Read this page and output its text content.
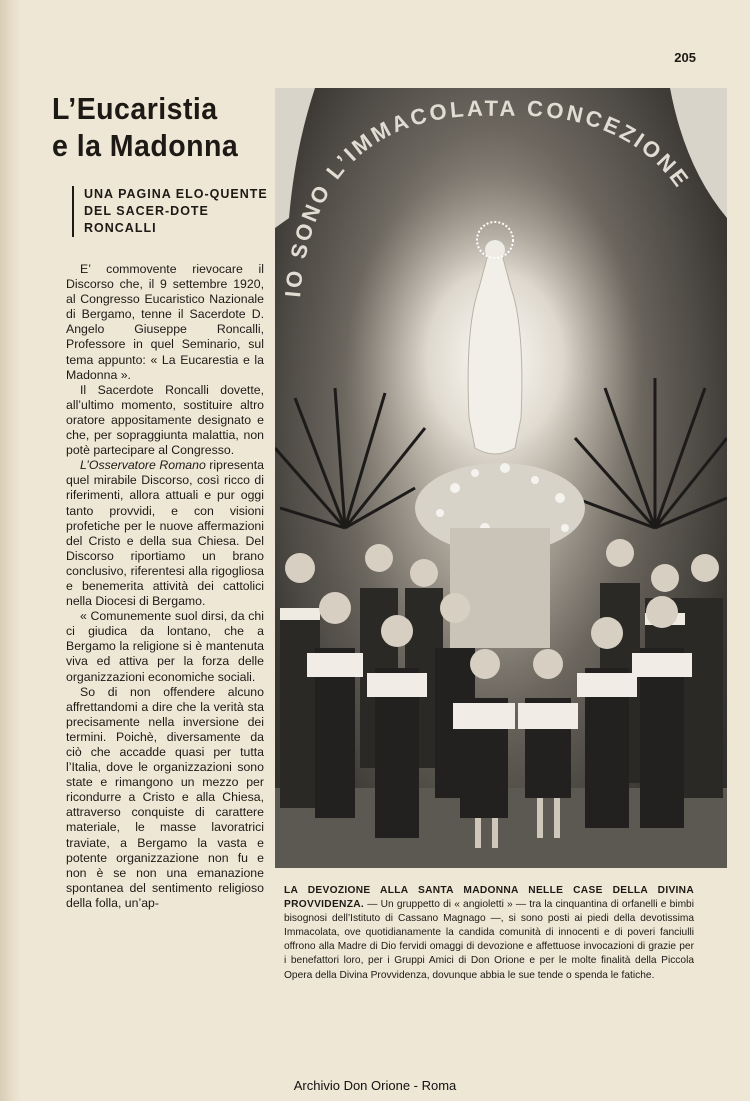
205
L’Eucaristia
e la Madonna
UNA PAGINA ELO-QUENTE DEL SACER-DOTE RONCALLI

E’ commovente rievocare il Discorso che, il 9 settembre 1920, al Congresso Eucaristico Nazionale di Bergamo, tenne il Sacerdote D. Angelo Giuseppe Roncalli, Professore in quel Seminario, sul tema appunto: « La Eucarestia e la Madonna ».

Il Sacerdote Roncalli dovette, all’ultimo momento, sostituire altro oratore appositamente designato e che, per sopraggiunta malattia, non potè partecipare al Congresso.

L’Osservatore Romano ripresenta quel mirabile Discorso, così ricco di riferimenti, allora attuali e pur oggi tanto provvidi, e con visioni profetiche per le nuove affermazioni del Cristo e della sua Chiesa. Del Discorso riportiamo un brano conclusivo, riferentesi alla rigogliosa e benemerita attività dei cattolici nella Diocesi di Bergamo.

« Comunemente suol dirsi, da chi ci giudica da lontano, che a Bergamo la religione si è mantenuta viva ed attiva per la forza delle organizzazioni economiche sociali.

So di non offendere alcuno affrettandomi a dire che la verità sta precisamente nella inversione dei termini. Poichè, diversamente da ciò che accadde quasi per tutta l’Italia, dove le organizzazioni sono state e rimangono un mezzo per ricondurre a Cristo e alla Chiesa, attraverso conquiste di carattere materiale, le masse lavoratrici traviate, a Bergamo la vasta e potente organizzazione non fu e non è se non una emanazione spontanea del sentimento religioso della folla, un’ap-

IO SONO L’IMMACOLATA CONCEZIONE
LA DEVOZIONE ALLA SANTA MADONNA NELLE CASE DELLA DIVINA PROVVIDENZA. — Un gruppetto di « angioletti » — tra la cinquantina di orfanelli e bimbi bisognosi dell’Istituto di Cassano Magnago —, si sono posti ai piedi della devotissima Immacolata, ove quotidianamente la candida comunità di innocenti e di poveri fanciulli offrono alla Madre di Dio fervidi omaggi di devozione e affettuose invocazioni di grazie per i benefattori loro, per i Gruppi Amici di Don Orione e per le molte finalità della Piccola Opera della Divina Provvidenza, dovunque abbia le sue tende o spenda le fatiche.
Archivio Don Orione - Roma
